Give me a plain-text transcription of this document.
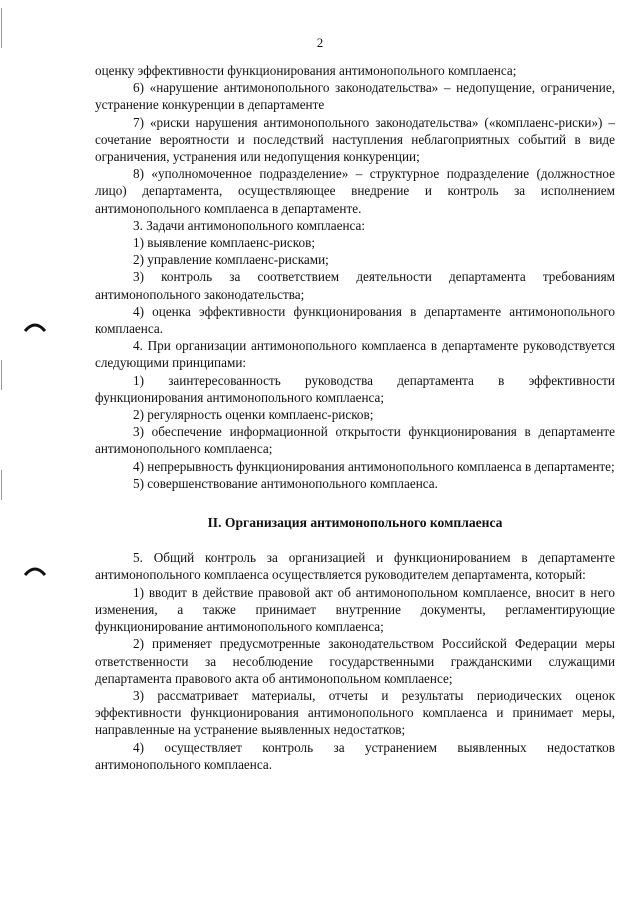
2

оценку эффективности функционирования антимонопольного комплаенса;

6) «нарушение антимонопольного законодательства» – недопущение, ограничение, устранение конкуренции в департаменте

7) «риски нарушения антимонопольного законодательства» («комплаенс-риски») – сочетание вероятности и последствий наступления неблагоприятных событий в виде ограничения, устранения или недопущения конкуренции;

8) «уполномоченное подразделение» – структурное подразделение (должностное лицо) департамента, осуществляющее внедрение и контроль за исполнением антимонопольного комплаенса в департаменте.

3. Задачи антимонопольного комплаенса:

1) выявление комплаенс-рисков;

2) управление комплаенс-рисками;

3) контроль за соответствием деятельности департамента требованиям антимонопольного законодательства;

4) оценка эффективности функционирования в департаменте антимонопольного комплаенса.

4. При организации антимонопольного комплаенса в департаменте руководствуется следующими принципами:

1) заинтересованность руководства департамента в эффективности функционирования антимонопольного комплаенса;

2) регулярность оценки комплаенс-рисков;

3) обеспечение информационной открытости функционирования в департаменте антимонопольного комплаенса;

4) непрерывность функционирования антимонопольного комплаенса в департаменте;

5) совершенствование антимонопольного комплаенса.

II. Организация антимонопольного комплаенса

5. Общий контроль за организацией и функционированием в департаменте антимонопольного комплаенса осуществляется руководителем департамента, который:

1) вводит в действие правовой акт об антимонопольном комплаенсе, вносит в него изменения, а также принимает внутренние документы, регламентирующие функционирование антимонопольного комплаенса;

2) применяет предусмотренные законодательством Российской Федерации меры ответственности за несоблюдение государственными гражданскими служащими департамента правового акта об антимонопольном комплаенсе;

3) рассматривает материалы, отчеты и результаты периодических оценок эффективности функционирования антимонопольного комплаенса и принимает меры, направленные на устранение выявленных недостатков;

4) осуществляет контроль за устранением выявленных недостатков антимонопольного комплаенса.
